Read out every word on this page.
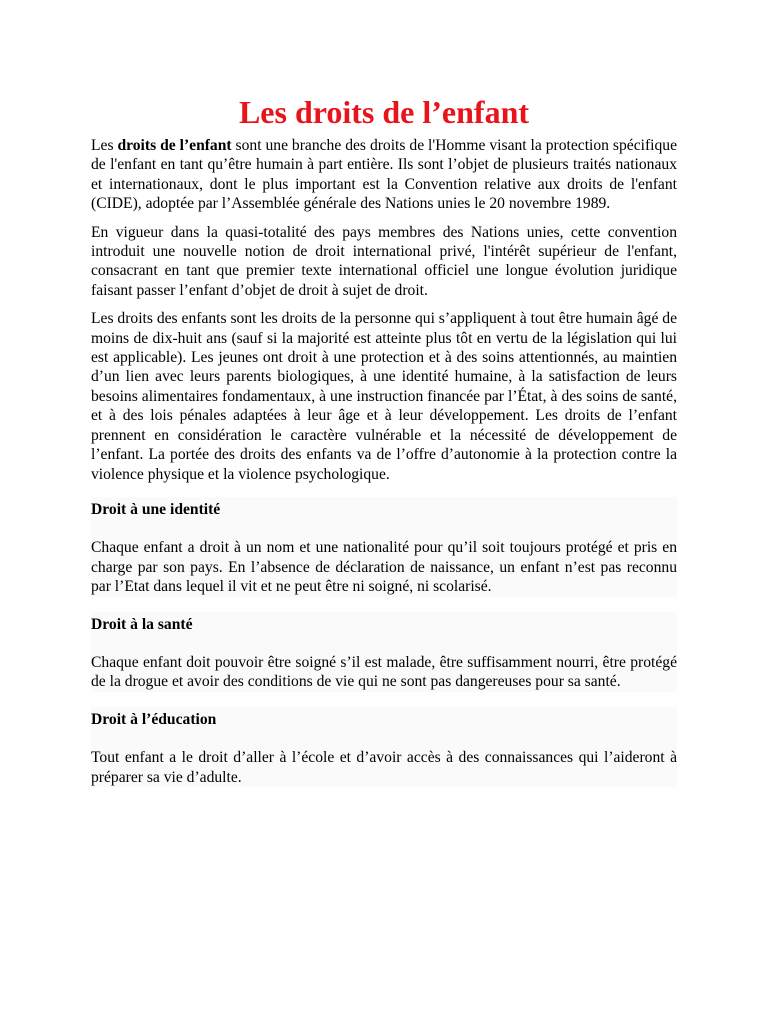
Les droits de l’enfant

Les droits de l’enfant sont une branche des droits de l'Homme visant la protection spécifique de l'enfant en tant qu’être humain à part entière. Ils sont l’objet de plusieurs traités nationaux et internationaux, dont le plus important est la Convention relative aux droits de l'enfant (CIDE), adoptée par l’Assemblée générale des Nations unies le 20 novembre 1989.

En vigueur dans la quasi-totalité des pays membres des Nations unies, cette convention introduit une nouvelle notion de droit international privé, l'intérêt supérieur de l'enfant, consacrant en tant que premier texte international officiel une longue évolution juridique faisant passer l’enfant d’objet de droit à sujet de droit.

Les droits des enfants sont les droits de la personne qui s’appliquent à tout être humain âgé de moins de dix-huit ans (sauf si la majorité est atteinte plus tôt en vertu de la législation qui lui est applicable). Les jeunes ont droit à une protection et à des soins attentionnés, au maintien d’un lien avec leurs parents biologiques, à une identité humaine, à la satisfaction de leurs besoins alimentaires fondamentaux, à une instruction financée par l’État, à des soins de santé, et à des lois pénales adaptées à leur âge et à leur développement. Les droits de l’enfant prennent en considération le caractère vulnérable et la nécessité de développement de l’enfant. La portée des droits des enfants va de l’offre d’autonomie à la protection contre la violence physique et la violence psychologique.

Droit à une identité

Chaque enfant a droit à un nom et une nationalité pour qu’il soit toujours protégé et pris en charge par son pays. En l’absence de déclaration de naissance, un enfant n’est pas reconnu par l’Etat dans lequel il vit et ne peut être ni soigné, ni scolarisé.

Droit à la santé

Chaque enfant doit pouvoir être soigné s’il est malade, être suffisamment nourri, être protégé de la drogue et avoir des conditions de vie qui ne sont pas dangereuses pour sa santé.

Droit à l’éducation

Tout enfant a le droit d’aller à l’école et d’avoir accès à des connaissances qui l’aideront à préparer sa vie d’adulte.
